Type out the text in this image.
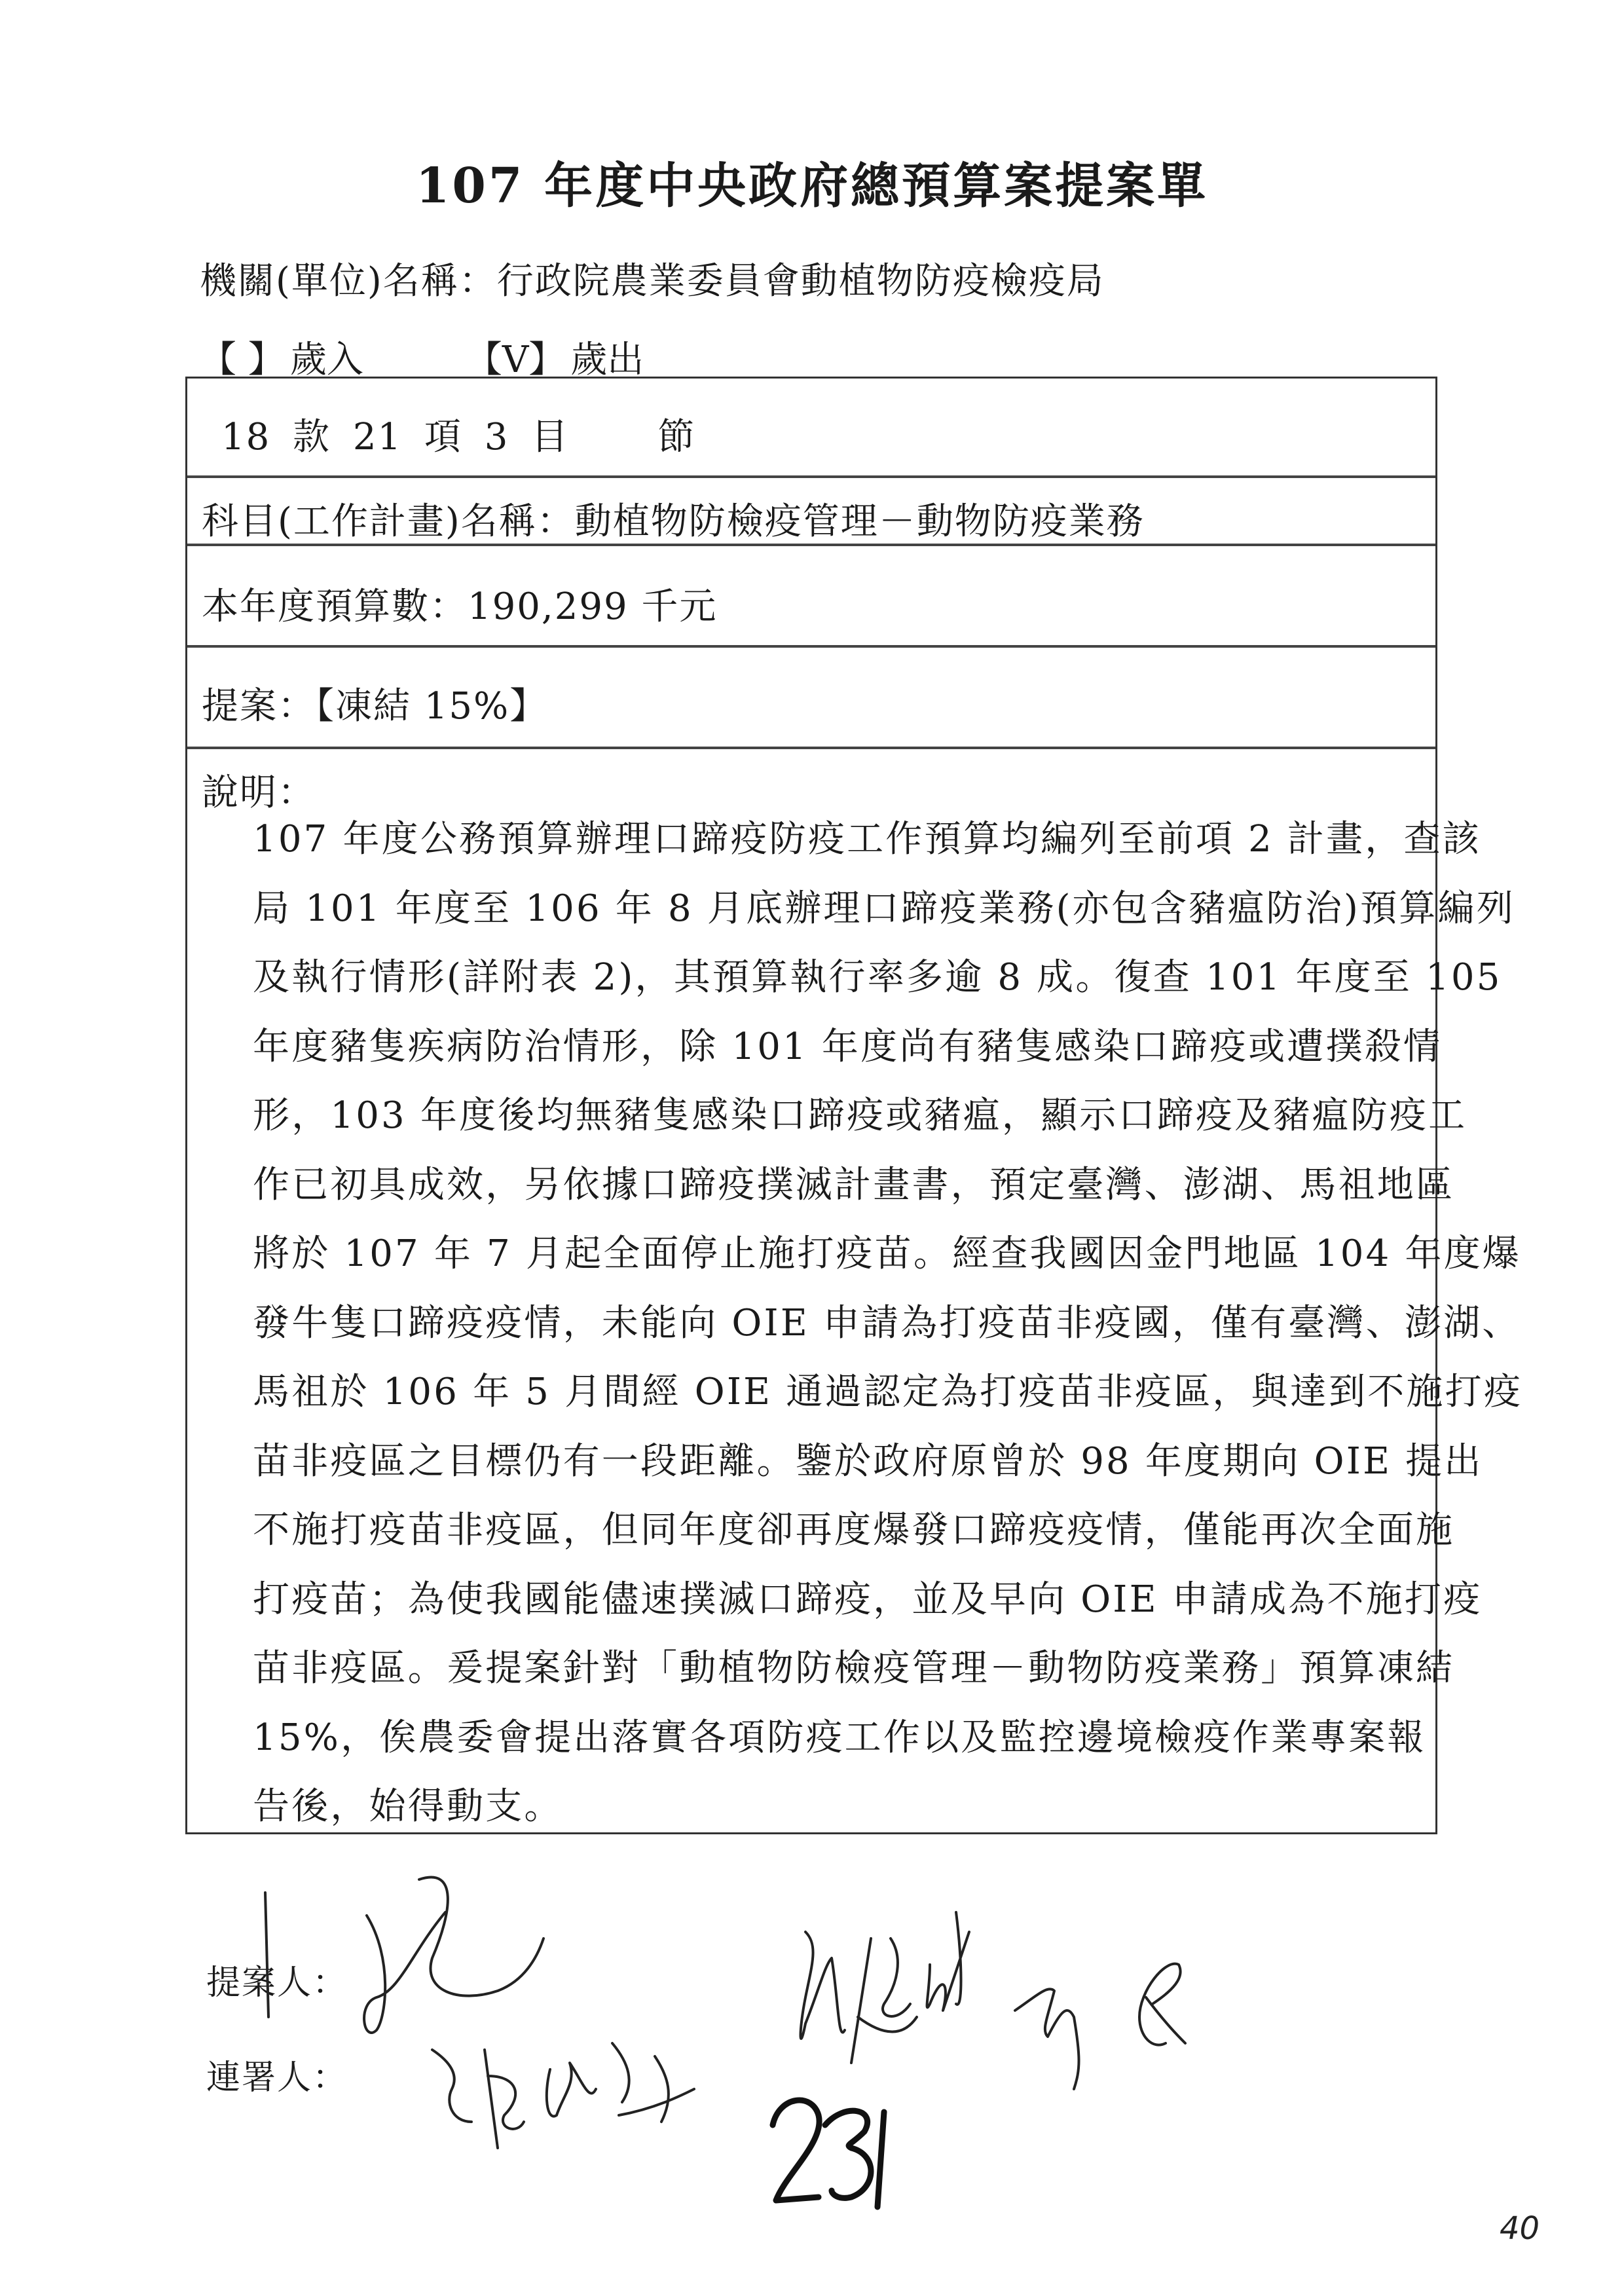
107 年度中央政府總預算案提案單
機關(單位)名稱：行政院農業委員會動植物防疫檢疫局
【 】 歲入	【V】 歲出
18 款 21 項 3 目    節
科目(工作計畫)名稱：動植物防檢疫管理－動物防疫業務
本年度預算數：190,299 千元
提案：【凍結 15%】
說明：
107 年度公務預算辦理口蹄疫防疫工作預算均編列至前項 2 計畫，查該
局 101 年度至 106 年 8 月底辦理口蹄疫業務(亦包含豬瘟防治)預算編列
及執行情形(詳附表 2)，其預算執行率多逾 8 成。復查 101 年度至 105
年度豬隻疾病防治情形，除 101 年度尚有豬隻感染口蹄疫或遭撲殺情
形，103 年度後均無豬隻感染口蹄疫或豬瘟，顯示口蹄疫及豬瘟防疫工
作已初具成效，另依據口蹄疫撲滅計畫書，預定臺灣、澎湖、馬祖地區
將於 107 年 7 月起全面停止施打疫苗。經查我國因金門地區 104 年度爆
發牛隻口蹄疫疫情，未能向 OIE 申請為打疫苗非疫國，僅有臺灣、澎湖、
馬祖於 106 年 5 月間經 OIE 通過認定為打疫苗非疫區，與達到不施打疫
苗非疫區之目標仍有一段距離。鑒於政府原曾於 98 年度期向 OIE 提出
不施打疫苗非疫區，但同年度卻再度爆發口蹄疫疫情，僅能再次全面施
打疫苗；為使我國能儘速撲滅口蹄疫，並及早向 OIE 申請成為不施打疫
苗非疫區。爰提案針對「動植物防檢疫管理－動物防疫業務」預算凍結
15%，俟農委會提出落實各項防疫工作以及監控邊境檢疫作業專案報
告後，始得動支。
提案人：
連署人：
40
